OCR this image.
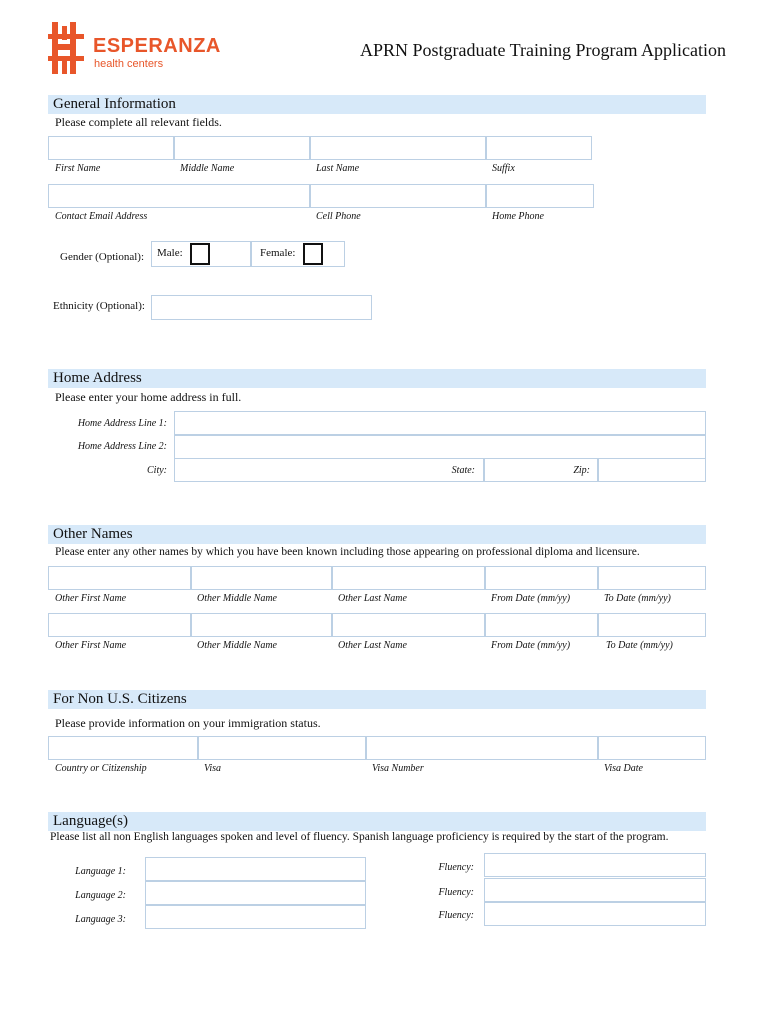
ESPERANZA
health centers
APRN Postgraduate Training Program Application
General Information
Please complete all relevant fields.
First Name	Middle Name	Last Name	Suffix
Contact Email Address	Cell Phone	Home Phone
Gender (Optional): Male:	Female:
Ethnicity (Optional):
Home Address
Please enter your home address in full.
Home Address Line 1:
Home Address Line 2:
City:	State:	Zip:
Other Names
Please enter any other names by which you have been known including those appearing on professional diploma and licensure.
Other First Name	Other Middle Name	Other Last Name	From Date (mm/yy)	To Date (mm/yy)
Other First Name	Other Middle Name	Other Last Name	From Date (mm/yy)	To Date (mm/yy)
For Non U.S. Citizens
Please provide information on your immigration status.
Country or Citizenship	Visa	Visa Number	Visa Date
Language(s)
Please list all non English languages spoken and level of fluency. Spanish language proficiency is required by the start of the program.
Language 1:	Fluency:
Language 2:	Fluency:
Language 3:	Fluency:
